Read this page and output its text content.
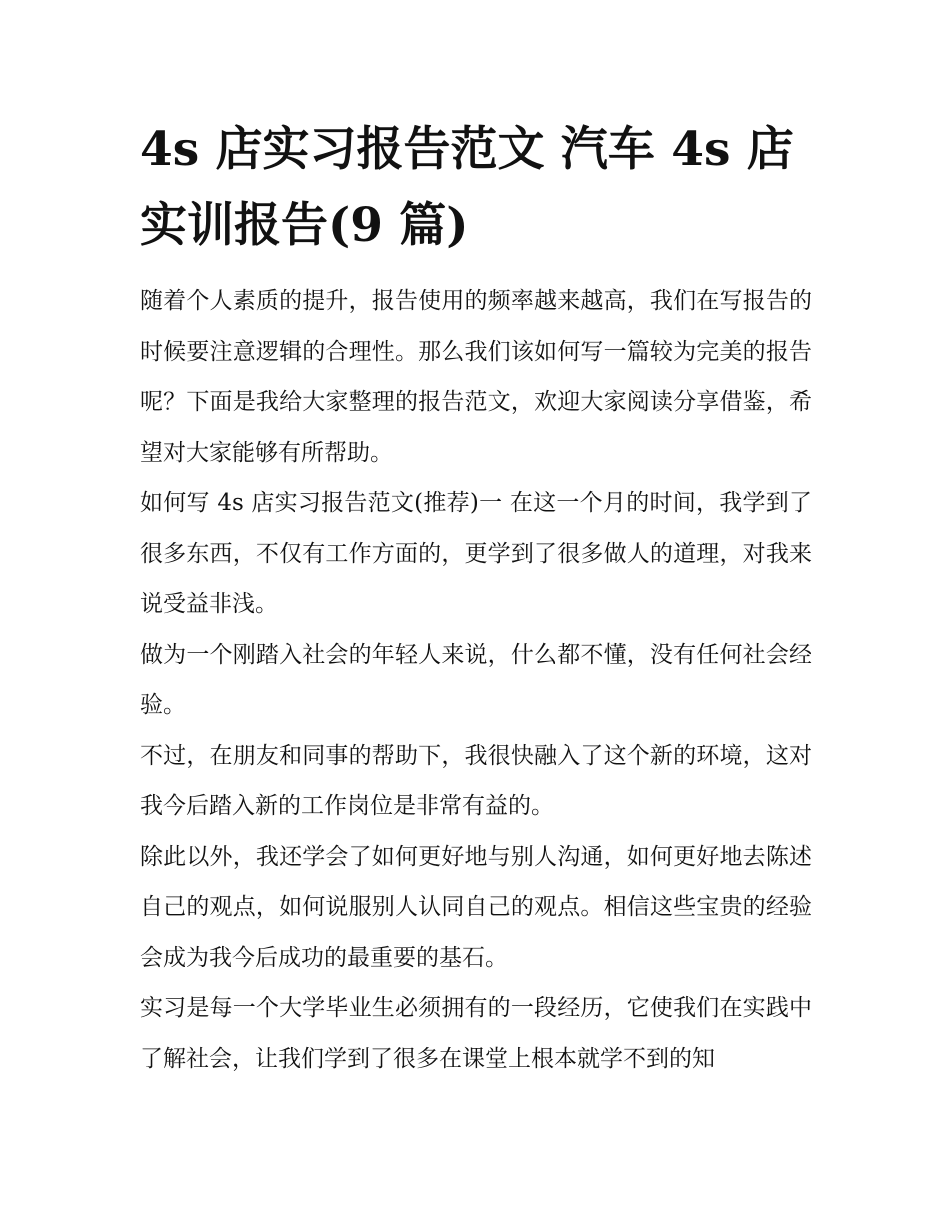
4s 店实习报告范文 汽车 4s 店实训报告(9 篇)

随着个人素质的提升，报告使用的频率越来越高，我们在写报告的时候要注意逻辑的合理性。那么我们该如何写一篇较为完美的报告呢？下面是我给大家整理的报告范文，欢迎大家阅读分享借鉴，希望对大家能够有所帮助。

如何写 4s 店实习报告范文(推荐)一 在这一个月的时间，我学到了很多东西，不仅有工作方面的，更学到了很多做人的道理，对我来说受益非浅。

做为一个刚踏入社会的年轻人来说，什么都不懂，没有任何社会经验。

不过，在朋友和同事的帮助下，我很快融入了这个新的环境，这对我今后踏入新的工作岗位是非常有益的。

除此以外，我还学会了如何更好地与别人沟通，如何更好地去陈述自己的观点，如何说服别人认同自己的观点。相信这些宝贵的经验会成为我今后成功的最重要的基石。

实习是每一个大学毕业生必须拥有的一段经历，它使我们在实践中了解社会，让我们学到了很多在课堂上根本就学不到的知
